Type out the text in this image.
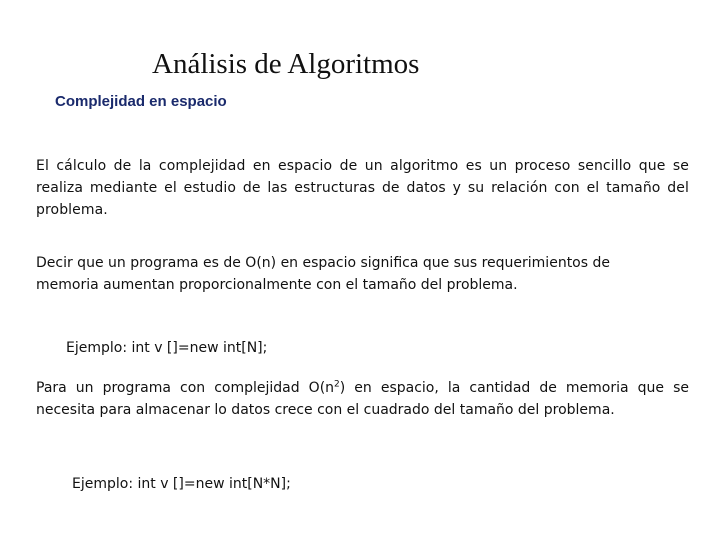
Análisis de Algoritmos
Complejidad en espacio

El cálculo de la complejidad en espacio de un algoritmo es un proceso sencillo que se realiza mediante el estudio de las estructuras de datos y su relación con el tamaño del problema.

Decir que un programa es de O(n) en espacio significa que sus requerimientos de memoria aumentan proporcionalmente con el tamaño del problema.

Ejemplo: int v []=new int[N];

Para un programa con complejidad $O(n^2)$ en espacio, la cantidad de memoria que se necesita para almacenar lo datos crece con el cuadrado del tamaño del problema.

Ejemplo: int v []=new int[N*N];
